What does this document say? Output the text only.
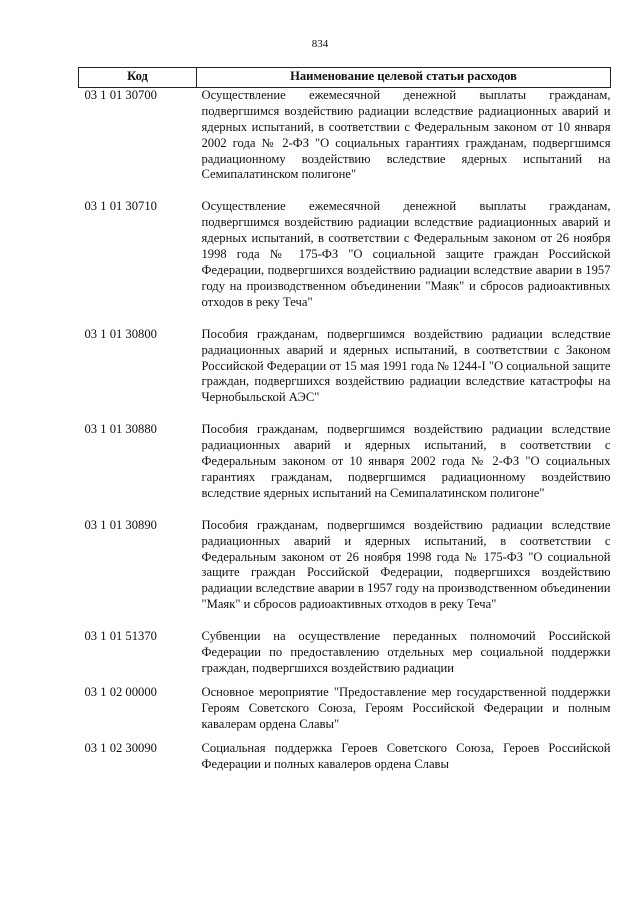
834
Код	Наименование целевой статьи расходов
03 1 01 30700	Осуществление ежемесячной денежной выплаты гражданам, подвергшимся воздействию радиации вследствие радиационных аварий и ядерных испытаний, в соответствии с Федеральным законом от 10 января 2002 года № 2-ФЗ "О социальных гарантиях гражданам, подвергшимся радиационному воздействию вследствие ядерных испытаний на Семипалатинском полигоне"
03 1 01 30710	Осуществление ежемесячной денежной выплаты гражданам, подвергшимся воздействию радиации вследствие радиационных аварий и ядерных испытаний, в соответствии с Федеральным законом от 26 ноября 1998 года № 175-ФЗ "О социальной защите граждан Российской Федерации, подвергшихся воздействию радиации вследствие аварии в 1957 году на производственном объединении "Маяк" и сбросов радиоактивных отходов в реку Теча"
03 1 01 30800	Пособия гражданам, подвергшимся воздействию радиации вследствие радиационных аварий и ядерных испытаний, в соответствии с Законом Российской Федерации от 15 мая 1991 года № 1244-I "О социальной защите граждан, подвергшихся воздействию радиации вследствие катастрофы на Чернобыльской АЭС"
03 1 01 30880	Пособия гражданам, подвергшимся воздействию радиации вследствие радиационных аварий и ядерных испытаний, в соответствии с Федеральным законом от 10 января 2002 года № 2-ФЗ "О социальных гарантиях гражданам, подвергшимся радиационному воздействию вследствие ядерных испытаний на Семипалатинском полигоне"
03 1 01 30890	Пособия гражданам, подвергшимся воздействию радиации вследствие радиационных аварий и ядерных испытаний, в соответствии с Федеральным законом от 26 ноября 1998 года № 175-ФЗ "О социальной защите граждан Российской Федерации, подвергшихся воздействию радиации вследствие аварии в 1957 году на производственном объединении "Маяк" и сбросов радиоактивных отходов в реку Теча"
03 1 01 51370	Субвенции на осуществление переданных полномочий Российской Федерации по предоставлению отдельных мер социальной поддержки граждан, подвергшихся воздействию радиации
03 1 02 00000	Основное мероприятие "Предоставление мер государственной поддержки Героям Советского Союза, Героям Российской Федерации и полным кавалерам ордена Славы"
03 1 02 30090	Социальная поддержка Героев Советского Союза, Героев Российской Федерации и полных кавалеров ордена Славы
